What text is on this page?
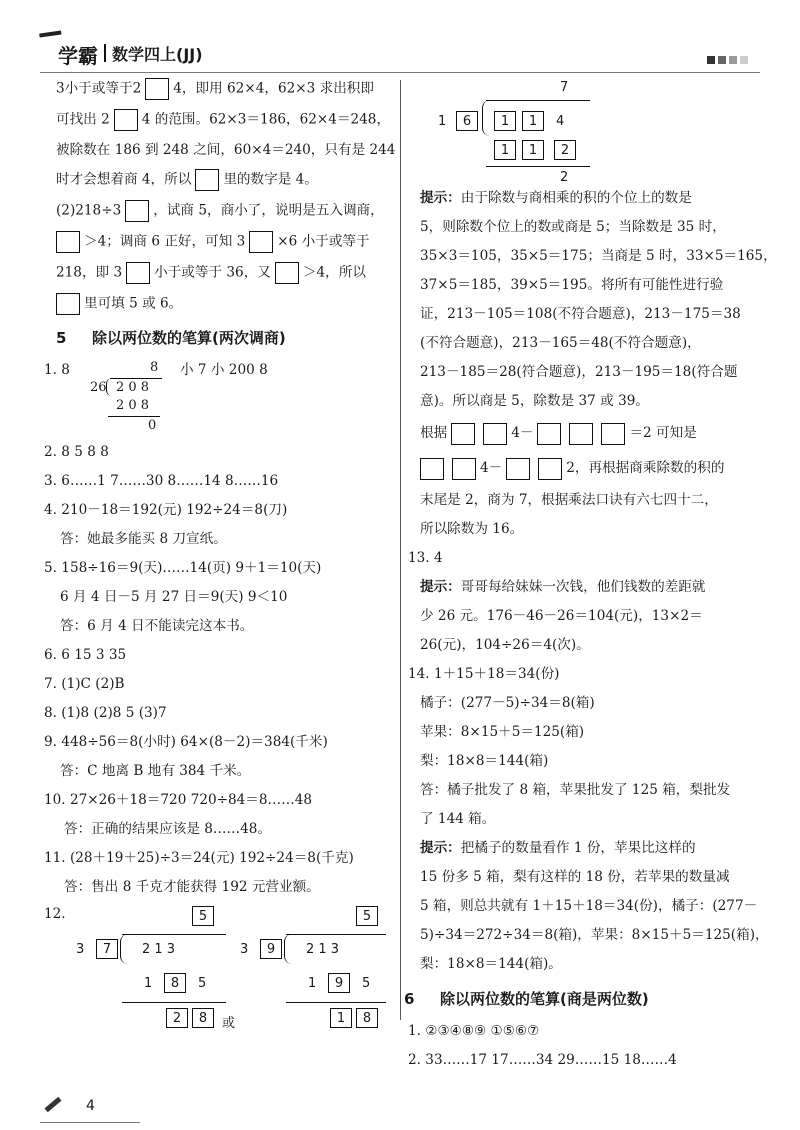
学霸 数学四上(JJ)
3小于或等于2 4，即用 62×4，62×3 求出积即
可找出 2 4 的范围。62×3＝186，62×4＝248，
被除数在 186 到 248 之间，60×4＝240，只有是 244
时才会想着商 4，所以 里的数字是 4。
(2)218÷3 ，试商 5，商小了，说明是五入调商，
＞4；调商 6 正好，可知 3 ×6 小于或等于
218，即 3 小于或等于 36，又 ＞4，所以
里可填 5 或 6。
5 除以两位数的笔算(两次调商)
1. 8	小 7 小 200 8
8
26 2 0 8
2 0 8
0
2. 8 5 8 8
3. 6……1 7……30 8……14 8……16
4. 210－18＝192(元) 192÷24＝8(刀)
答：她最多能买 8 刀宣纸。
5. 158÷16＝9(天)……14(页) 9＋1＝10(天)
6 月 4 日－5 月 27 日＝9(天) 9＜10
答：6 月 4 日不能读完这本书。
6. 6 15 3 35
7. (1)C (2)B
8. (1)8 (2)8 5 (3)7
9. 448÷56＝8(小时) 64×(8－2)＝384(千米)
答：C 地离 B 地有 384 千米。
10. 27×26＋18＝720 720÷84＝8……48
答：正确的结果应该是 8……48。
11. (28＋19＋25)÷3＝24(元) 192÷24＝8(千克)
答：售出 8 千克才能获得 192 元营业额。
12.	5
3	7	2 1 3
1	8	5
2	8	或
5
3	9	2 1 3
1	9	5
1	8
7
1	6	1	1	4
1	1	2
2
提示：由于除数与商相乘的积的个位上的数是
5，则除数个位上的数或商是 5；当除数是 35 时，
35×3＝105，35×5＝175；当商是 5 时，33×5＝165，
37×5＝185，39×5＝195。将所有可能性进行验
证，213－105＝108(不符合题意)，213－175＝38
(不符合题意)，213－165＝48(不符合题意)，
213－185＝28(符合题意)，213－195＝18(符合题
意)。所以商是 5，除数是 37 或 39。
根据	4－	＝2 可知是
4－	2，再根据商乘除数的积的
末尾是 2，商为 7，根据乘法口诀有六七四十二，
所以除数为 16。
13. 4
提示：哥哥每给妹妹一次钱，他们钱数的差距就
少 26 元。176－46－26＝104(元)，13×2＝
26(元)，104÷26＝4(次)。
14. 1＋15＋18＝34(份)
橘子：(277－5)÷34＝8(箱)
苹果：8×15＋5＝125(箱)
梨：18×8＝144(箱)
答：橘子批发了 8 箱，苹果批发了 125 箱，梨批发
了 144 箱。
提示：把橘子的数量看作 1 份，苹果比这样的
15 份多 5 箱，梨有这样的 18 份，若苹果的数量减
5 箱，则总共就有 1＋15＋18＝34(份)，橘子：(277－
5)÷34＝272÷34＝8(箱)，苹果：8×15＋5＝125(箱)，
梨：18×8＝144(箱)。
6 除以两位数的笔算(商是两位数)
1. ②③④⑧⑨ ①⑤⑥⑦
2. 33……17 17……34 29……15 18……4
4
